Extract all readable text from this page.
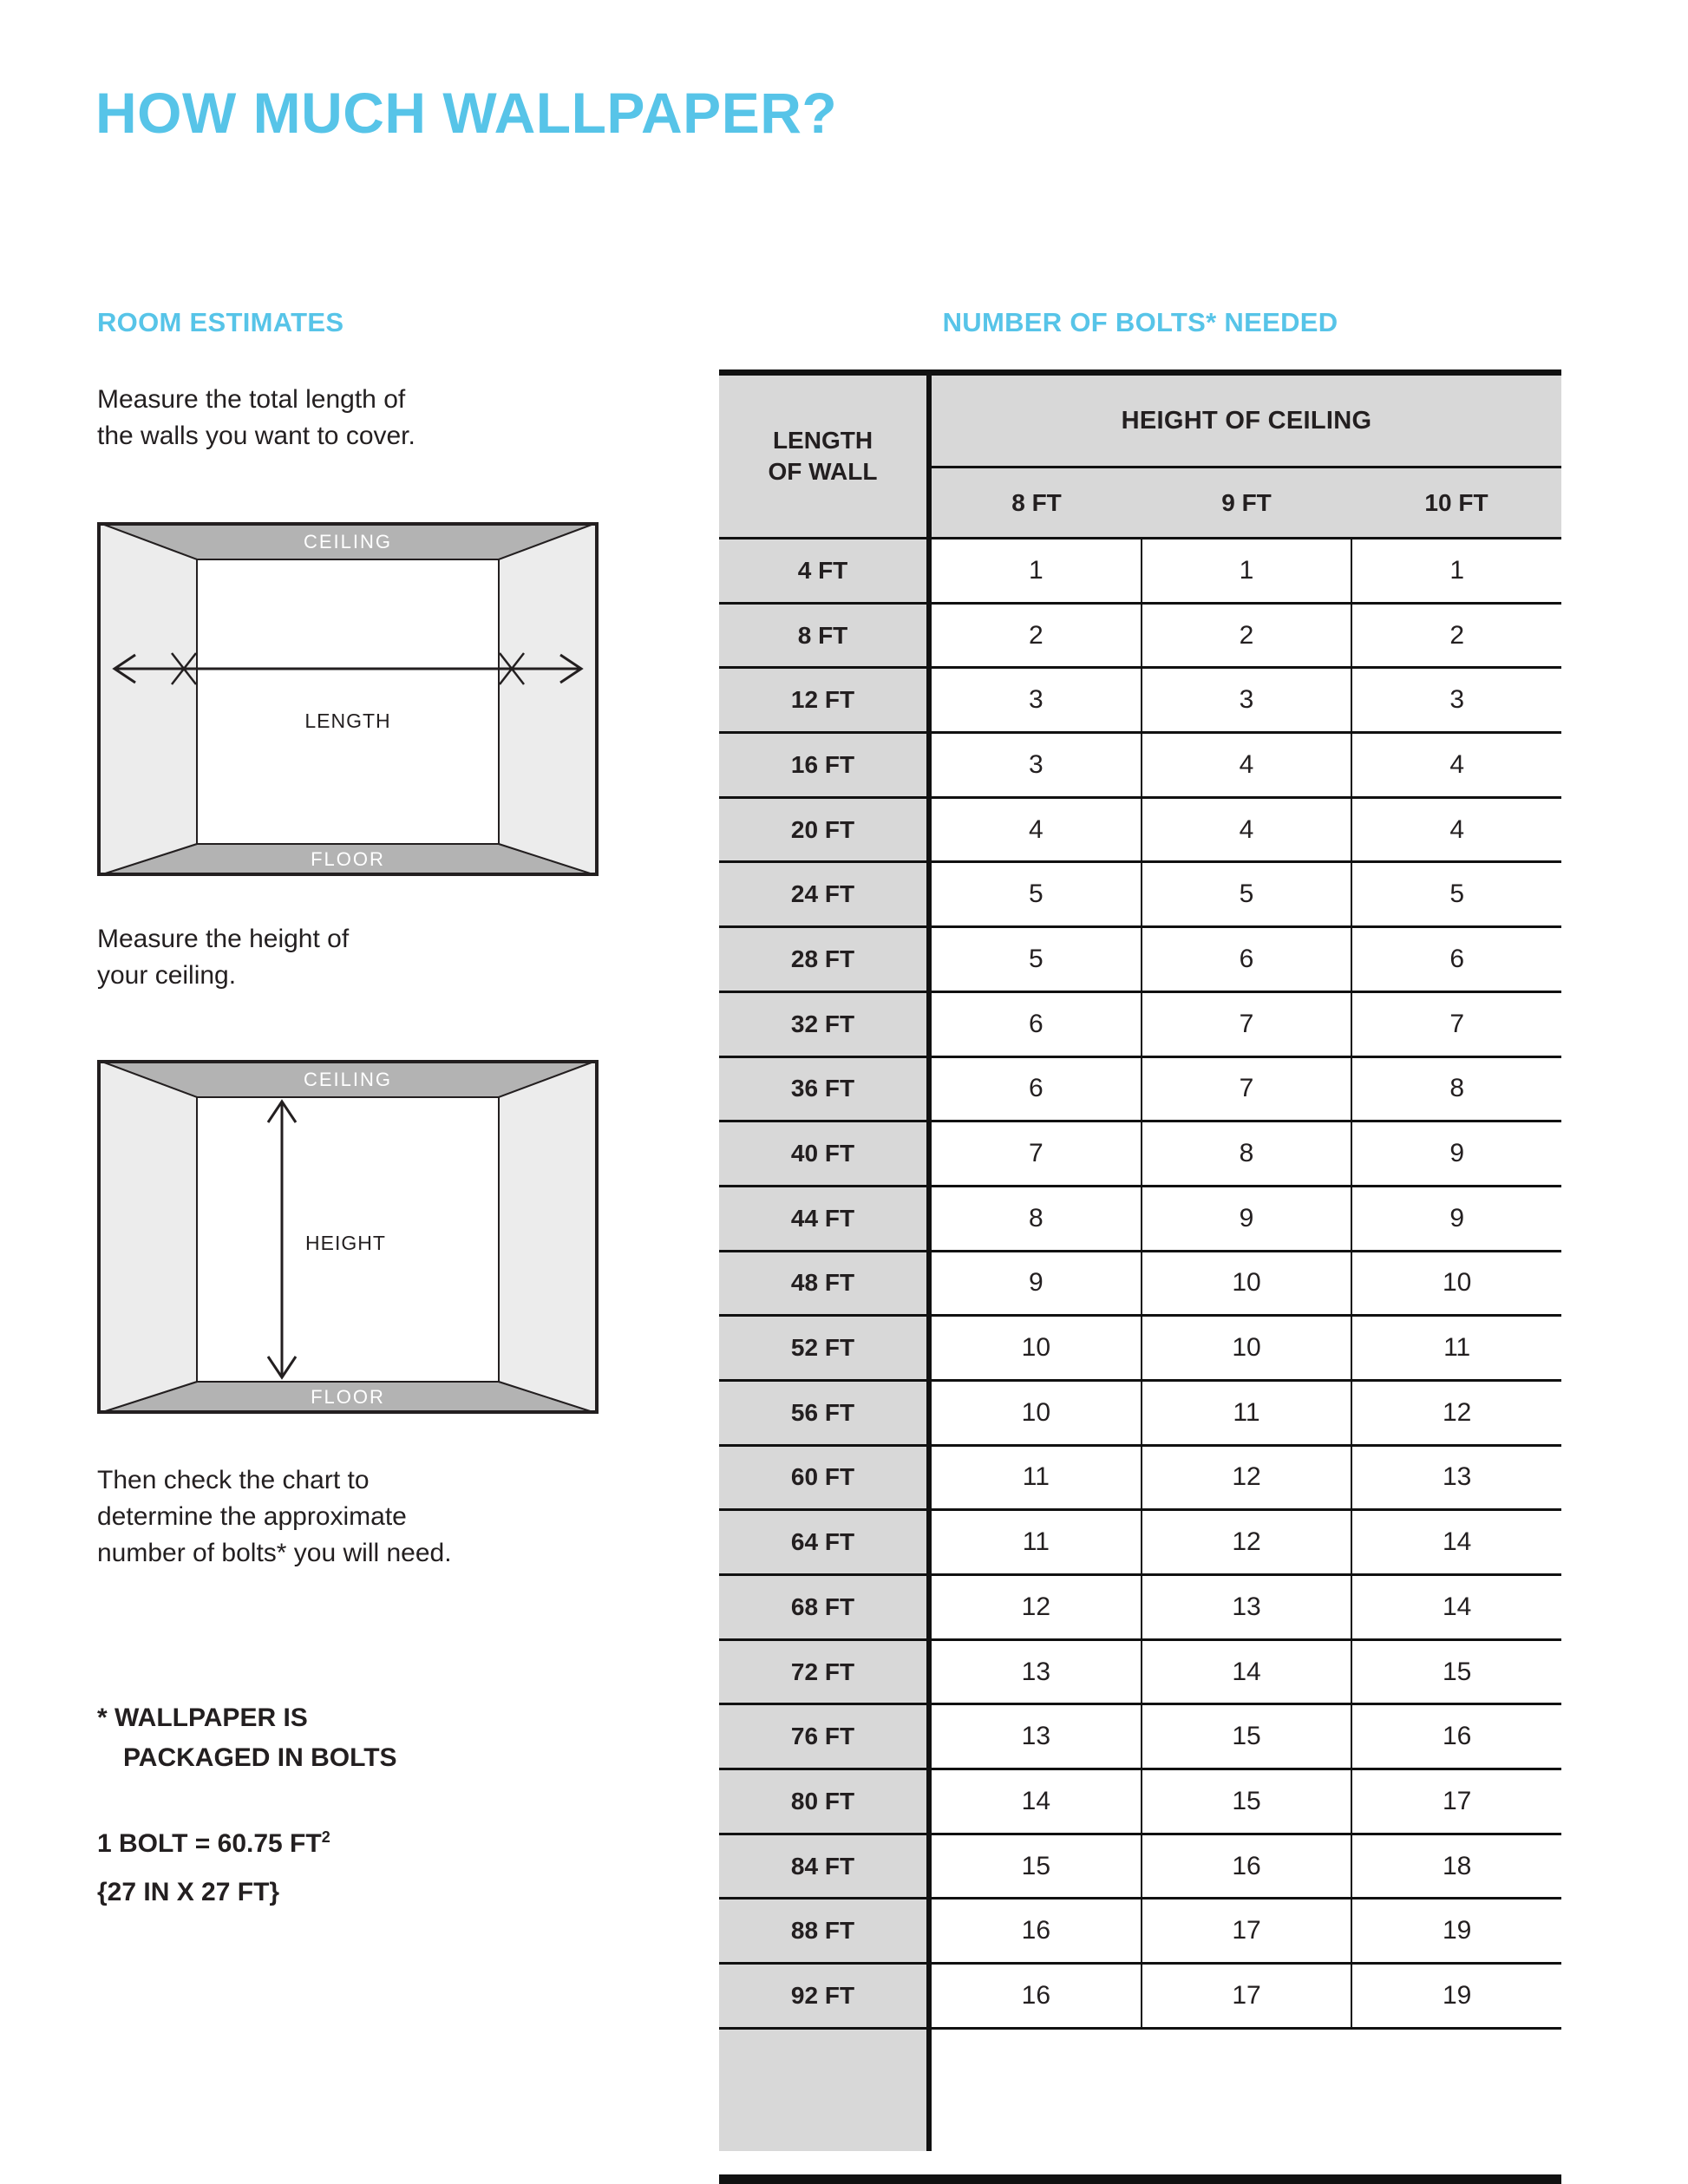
HOW MUCH WALLPAPER?
ROOM ESTIMATES
Measure the total length of
the walls you want to cover.
CEILING
FLOOR
LENGTH
Measure the height of
your ceiling.
CEILING
FLOOR
HEIGHT
Then check the chart to
determine the approximate
number of bolts* you will need.
* WALLPAPER IS
PACKAGED IN BOLTS
1 BOLT = 60.75 $FT^2$
{27 IN X 27 FT}
NUMBER OF BOLTS* NEEDED
LENGTH
OF WALL
HEIGHT OF CEILING
8 FT	9 FT	10 FT
4 FT	1	1	1
8 FT	2	2	2
12 FT	3	3	3
16 FT	3	4	4
20 FT	4	4	4
24 FT	5	5	5
28 FT	5	6	6
32 FT	6	7	7
36 FT	6	7	8
40 FT	7	8	9
44 FT	8	9	9
48 FT	9	10	10
52 FT	10	10	11
56 FT	10	11	12
60 FT	11	12	13
64 FT	11	12	14
68 FT	12	13	14
72 FT	13	14	15
76 FT	13	15	16
80 FT	14	15	17
84 FT	15	16	18
88 FT	16	17	19
92 FT	16	17	19
